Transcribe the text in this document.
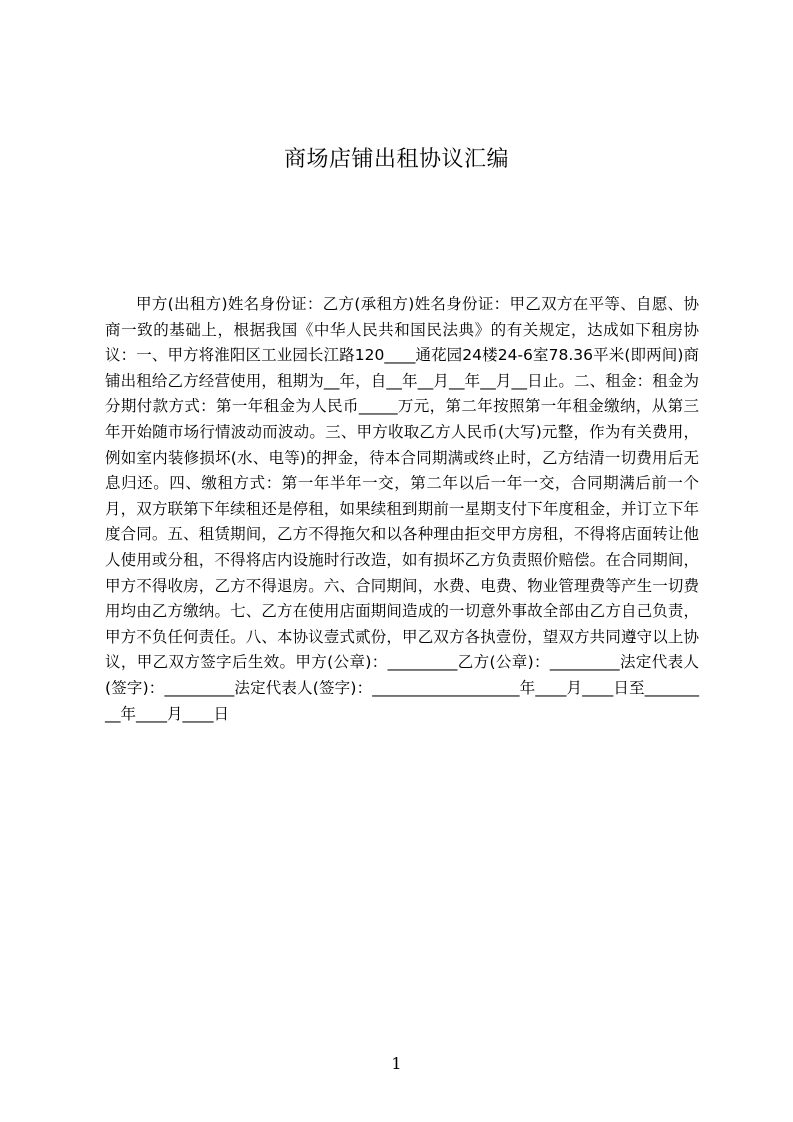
商场店铺出租协议汇编
甲方(出租方)姓名身份证：乙方(承租方)姓名身份证：甲乙双方在平等、自愿、协商一致的基础上，根据我国《中华人民共和国民法典》的有关规定，达成如下租房协议：一、甲方将淮阳区工业园长江路120____通花园24楼24-6室78.36平米(即两间)商铺出租给乙方经营使用，租期为__年，自__年__月__年__月__日止。二、租金：租金为分期付款方式：第一年租金为人民币_____万元，第二年按照第一年租金缴纳，从第三年开始随市场行情波动而波动。三、甲方收取乙方人民币(大写)元整，作为有关费用，例如室内装修损坏(水、电等)的押金，待本合同期满或终止时，乙方结清一切费用后无息归还。四、缴租方式：第一年半年一交，第二年以后一年一交，合同期满后前一个月，双方联第下年续租还是停租，如果续租到期前一星期支付下年度租金，并订立下年度合同。五、租赁期间，乙方不得拖欠和以各种理由拒交甲方房租，不得将店面转让他人使用或分租，不得将店内设施时行改造，如有损坏乙方负责照价赔偿。在合同期间，甲方不得收房，乙方不得退房。六、合同期间，水费、电费、物业管理费等产生一切费用均由乙方缴纳。七、乙方在使用店面期间造成的一切意外事故全部由乙方自己负责，甲方不负任何责任。八、本协议壹式贰份，甲乙双方各执壹份，望双方共同遵守以上协议，甲乙双方签字后生效。甲方(公章)：_________乙方(公章)：_________法定代表人(签字)：_________法定代表人(签字)：___________________年____月____日至_________年____月____日
1
